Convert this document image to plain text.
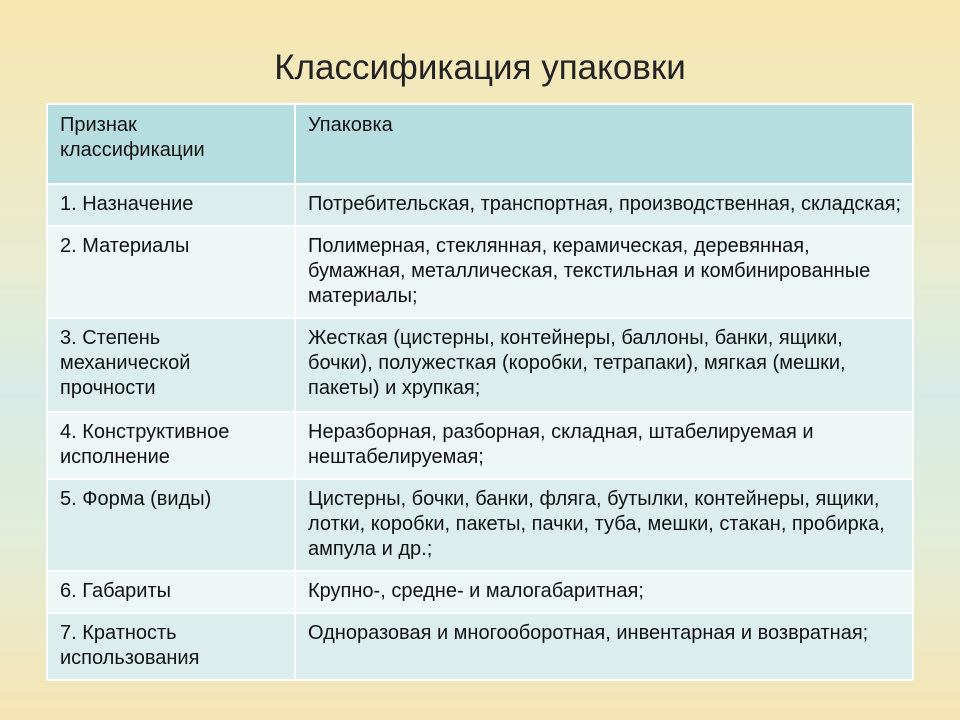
Классификация упаковки
Признак классификации	Упаковка
1. Назначение	Потребительская, транспортная, производственная, складская;
2. Материалы	Полимерная, стеклянная, керамическая, деревянная, бумажная, металлическая, текстильная и комбинированные материалы;
3. Степень механической прочности	Жесткая (цистерны, контейнеры, баллоны, банки, ящики, бочки), полужесткая (коробки, тетрапаки), мягкая (мешки, пакеты) и хрупкая;
4. Конструктивное исполнение	Неразборная, разборная, складная, штабелируемая и нештабелируемая;
5. Форма (виды)	Цистерны, бочки, банки, фляга, бутылки, контейнеры, ящики, лотки, коробки, пакеты, пачки, туба, мешки, стакан, пробирка, ампула и др.;
6. Габариты	Крупно-, средне- и малогабаритная;
7. Кратность использования	Одноразовая и многооборотная, инвентарная и возвратная;
